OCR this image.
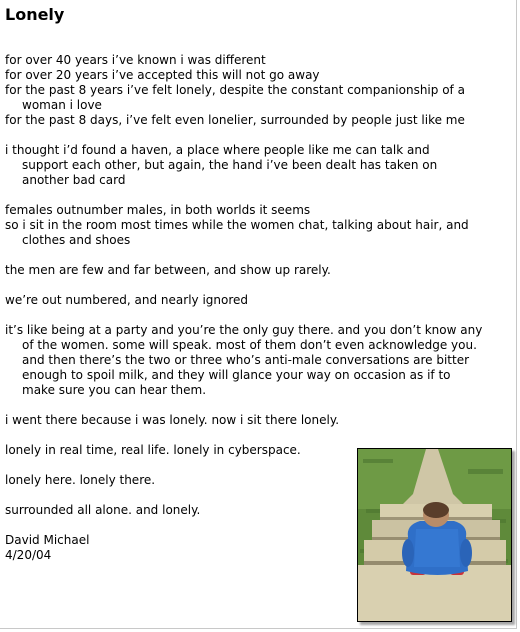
Lonely
for over 40 years i’ve known i was different
for over 20 years i’ve accepted this will not go away
for the past 8 years i’ve felt lonely, despite the constant companionship of a woman i love
for the past 8 days, i’ve felt even lonelier, surrounded by people just like me
i thought i’d found a haven, a place where people like me can talk and support each other, but again, the hand i’ve been dealt has taken on another bad card
females outnumber males, in both worlds it seems
so i sit in the room most times while the women chat, talking about hair, and clothes and shoes
the men are few and far between, and show up rarely.
we’re out numbered, and nearly ignored
it’s like being at a party and you’re the only guy there. and you don’t know any of the women. some will speak. most of them don’t even acknowledge you. and then there’s the two or three who’s anti-male conversations are bitter enough to spoil milk, and they will glance your way on occasion as if to make sure you can hear them.
i went there because i was lonely. now i sit there lonely.
lonely in real time, real life. lonely in cyberspace.
lonely here. lonely there.
surrounded all alone. and lonely.
David Michael
4/20/04
